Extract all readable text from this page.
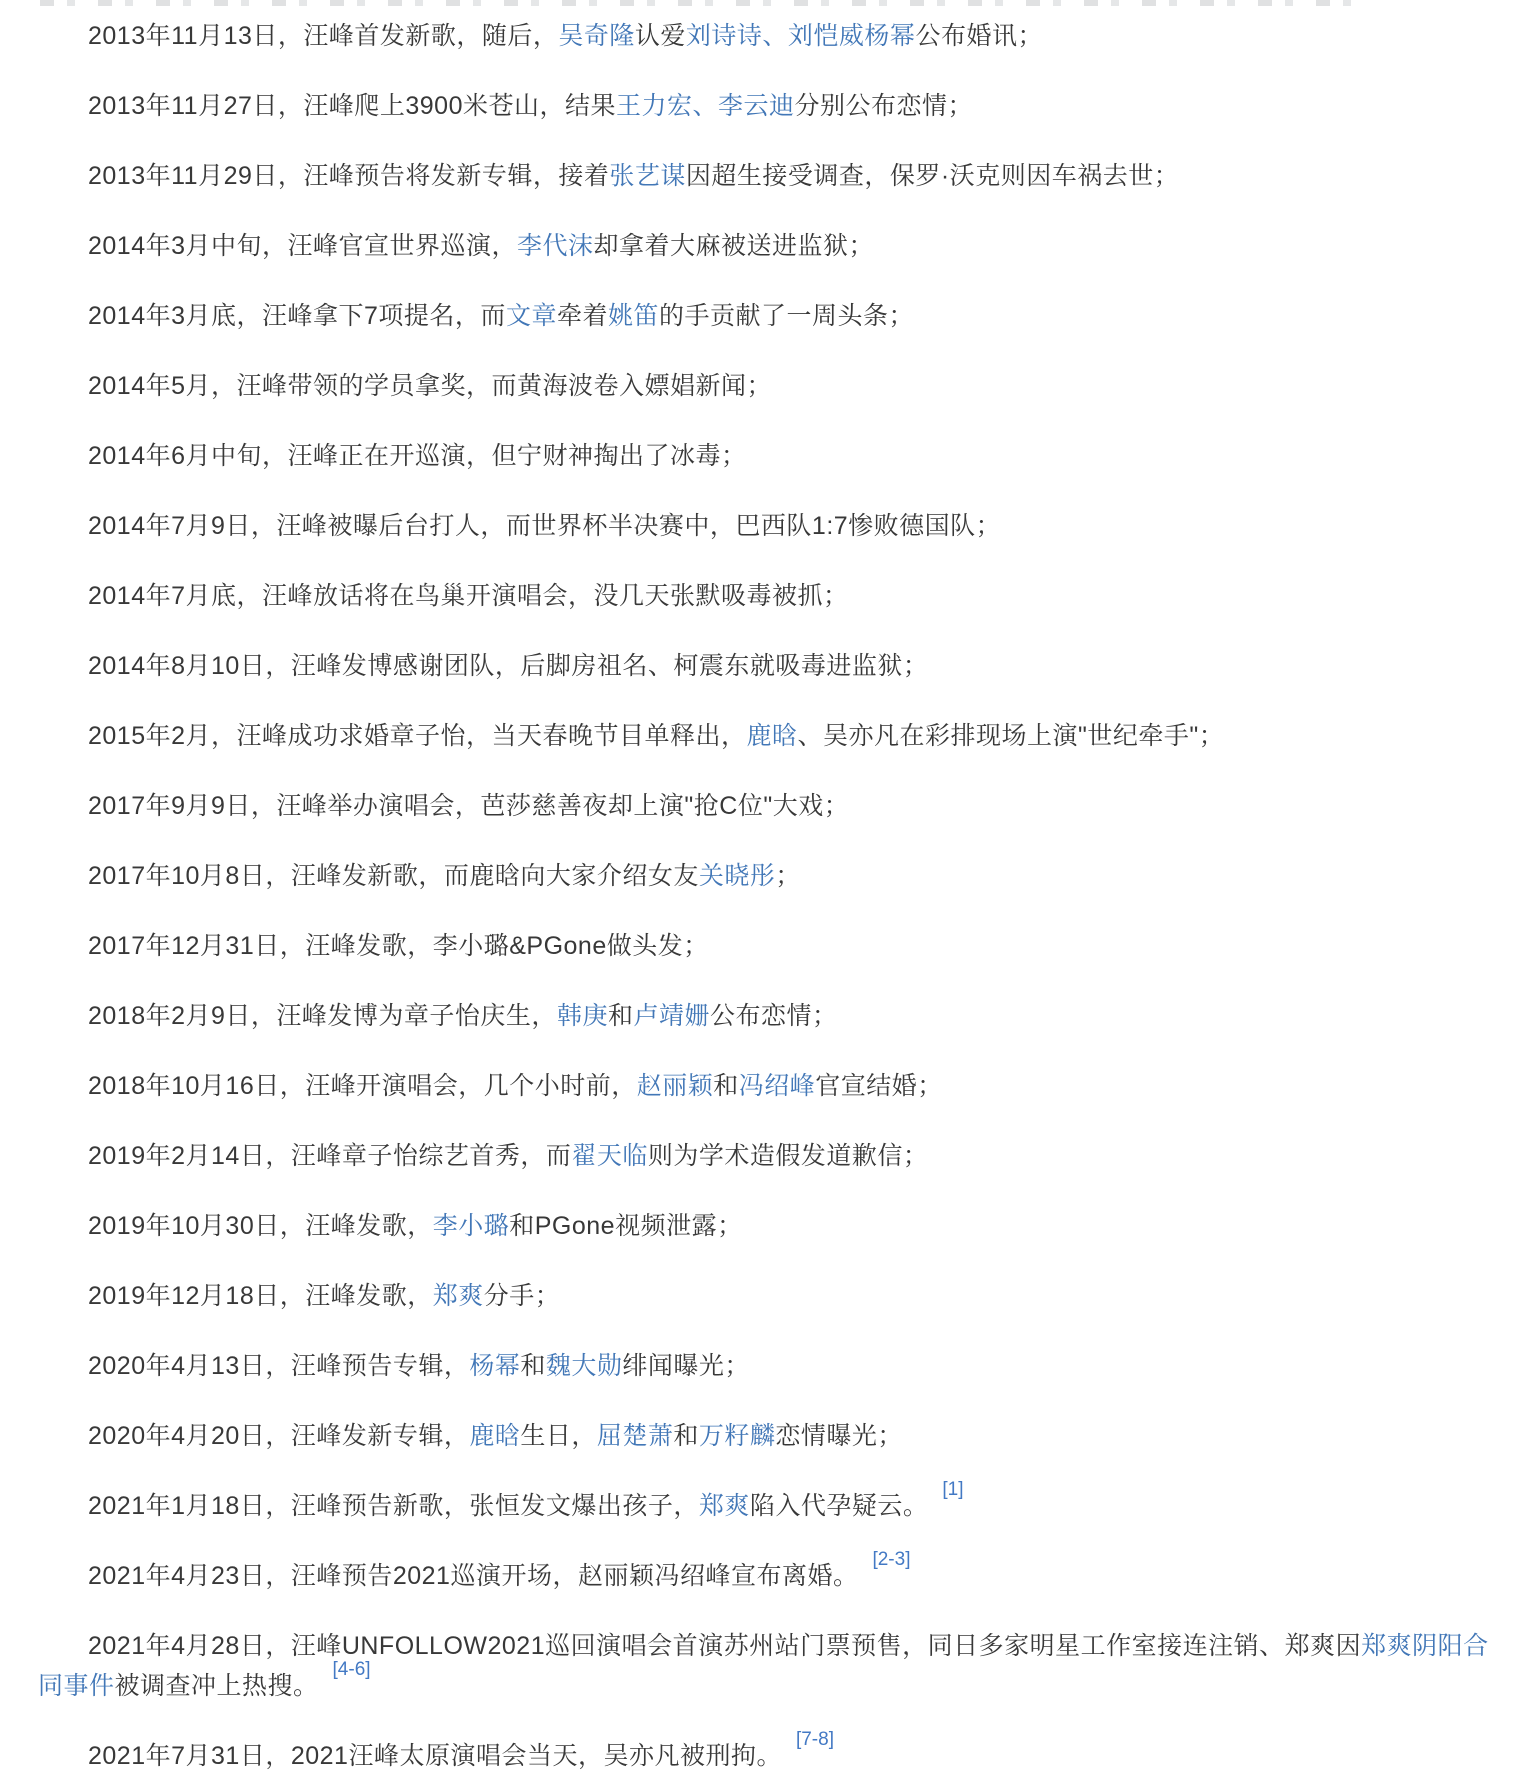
2013年11月13日，汪峰首发新歌，随后，吴奇隆认爱刘诗诗、刘恺威杨幂公布婚讯；

2013年11月27日，汪峰爬上3900米苍山，结果王力宏、李云迪分别公布恋情；

2013年11月29日，汪峰预告将发新专辑，接着张艺谋因超生接受调查，保罗·沃克则因车祸去世；

2014年3月中旬，汪峰官宣世界巡演，李代沫却拿着大麻被送进监狱；

2014年3月底，汪峰拿下7项提名，而文章牵着姚笛的手贡献了一周头条；

2014年5月，汪峰带领的学员拿奖，而黄海波卷入嫖娼新闻；

2014年6月中旬，汪峰正在开巡演，但宁财神掏出了冰毒；

2014年7月9日，汪峰被曝后台打人，而世界杯半决赛中，巴西队1:7惨败德国队；

2014年7月底，汪峰放话将在鸟巢开演唱会，没几天张默吸毒被抓；

2014年8月10日，汪峰发博感谢团队，后脚房祖名、柯震东就吸毒进监狱；

2015年2月，汪峰成功求婚章子怡，当天春晚节目单释出，鹿晗、吴亦凡在彩排现场上演"世纪牵手"；

2017年9月9日，汪峰举办演唱会，芭莎慈善夜却上演"抢C位"大戏；

2017年10月8日，汪峰发新歌，而鹿晗向大家介绍女友关晓彤；

2017年12月31日，汪峰发歌，李小璐&PGone做头发；

2018年2月9日，汪峰发博为章子怡庆生，韩庚和卢靖姗公布恋情；

2018年10月16日，汪峰开演唱会，几个小时前，赵丽颖和冯绍峰官宣结婚；

2019年2月14日，汪峰章子怡综艺首秀，而翟天临则为学术造假发道歉信；

2019年10月30日，汪峰发歌，李小璐和PGone视频泄露；

2019年12月18日，汪峰发歌，郑爽分手；

2020年4月13日，汪峰预告专辑，杨幂和魏大勋绯闻曝光；

2020年4月20日，汪峰发新专辑，鹿晗生日，屈楚萧和万籽麟恋情曝光；

2021年1月18日，汪峰预告新歌，张恒发文爆出孩子，郑爽陷入代孕疑云。[1]

2021年4月23日，汪峰预告2021巡演开场，赵丽颖冯绍峰宣布离婚。[2-3]

2021年4月28日，汪峰UNFOLLOW2021巡回演唱会首演苏州站门票预售，同日多家明星工作室接连注销、郑爽因郑爽阴阳合同事件被调查冲上热搜。[4-6]

2021年7月31日，2021汪峰太原演唱会当天，吴亦凡被刑拘。[7-8]
